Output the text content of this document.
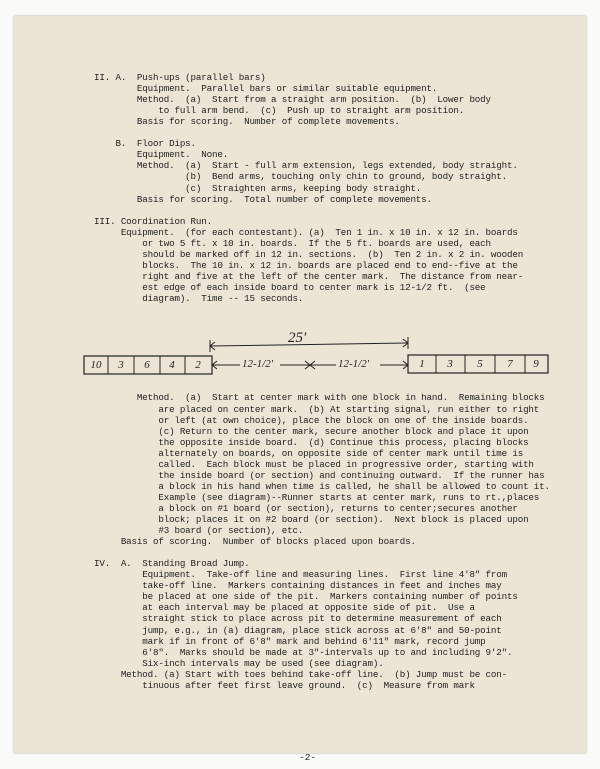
II. A.  Push-ups (parallel bars)
Equipment.  Parallel bars or similar suitable equipment.
Method.  (a)  Start from a straight arm position.  (b)  Lower body
to full arm bend.  (c)  Push up to straight arm position.
Basis for scoring.  Number of complete movements.
B.  Floor Dips.
Equipment.  None.
Method.  (a)  Start - full arm extension, legs extended, body straight.
(b)  Bend arms, touching only chin to ground, body straight.
(c)  Straighten arms, keeping body straight.
Basis for scoring.  Total number of complete movements.
III. Coordination Run.
Equipment.  (for each contestant). (a)  Ten 1 in. x 10 in. x 12 in. boards
or two 5 ft. x 10 in. boards.  If the 5 ft. boards are used, each
should be marked off in 12 in. sections.  (b)  Ten 2 in. x 2 in. wooden
blocks.  The 10 in. x 12 in. boards are placed end to end--five at the
right and five at the left of the center mark.  The distance from near-
est edge of each inside board to center mark is 12-1/2 ft.  (see
diagram).  Time -- 15 seconds.
Method.  (a)  Start at center mark with one block in hand.  Remaining blocks
are placed on center mark.  (b) At starting signal, run either to right
or left (at own choice), place the block on one of the inside boards.
(c) Return to the center mark, secure another block and place it upon
the opposite inside board.  (d) Continue this process, placing blocks
alternately on boards, on opposite side of center mark until time is
called.  Each block must be placed in progressive order, starting with
the inside board (or section) and continuing outward.  If the runner has
a block in his hand when time is called, he shall be allowed to count it.
Example (see diagram)--Runner starts at center mark, runs to rt.,places
a block on #1 board (or section), returns to center;secures another
block; places it on #2 board (or section).  Next block is placed upon
#3 board (or section), etc.
Basis of scoring.  Number of blocks placed upon boards.
IV.  A.  Standing Broad Jump.
Equipment.  Take-off line and measuring lines.  First line 4'8" from
take-off line.  Markers containing distances in feet and inches may
be placed at one side of the pit.  Markers containing number of points
at each interval may be placed at opposite side of pit.  Use a
straight stick to place across pit to determine measurement of each
jump, e.g., in (a) diagram, place stick across at 6'8" and 50-point
mark if in front of 6'8" mark and behind 6'11" mark, record jump
6'8".  Marks should be made at 3"-intervals up to and including 9'2".
Six-inch intervals may be used (see diagram).
Method. (a) Start with toes behind take-off line.  (b) Jump must be con-
tinuous after feet first leave ground.  (c)  Measure from mark
25'
12-1/2'	12-1/2'
10	3	6	4	2	1	3	5	7	9
-2-
